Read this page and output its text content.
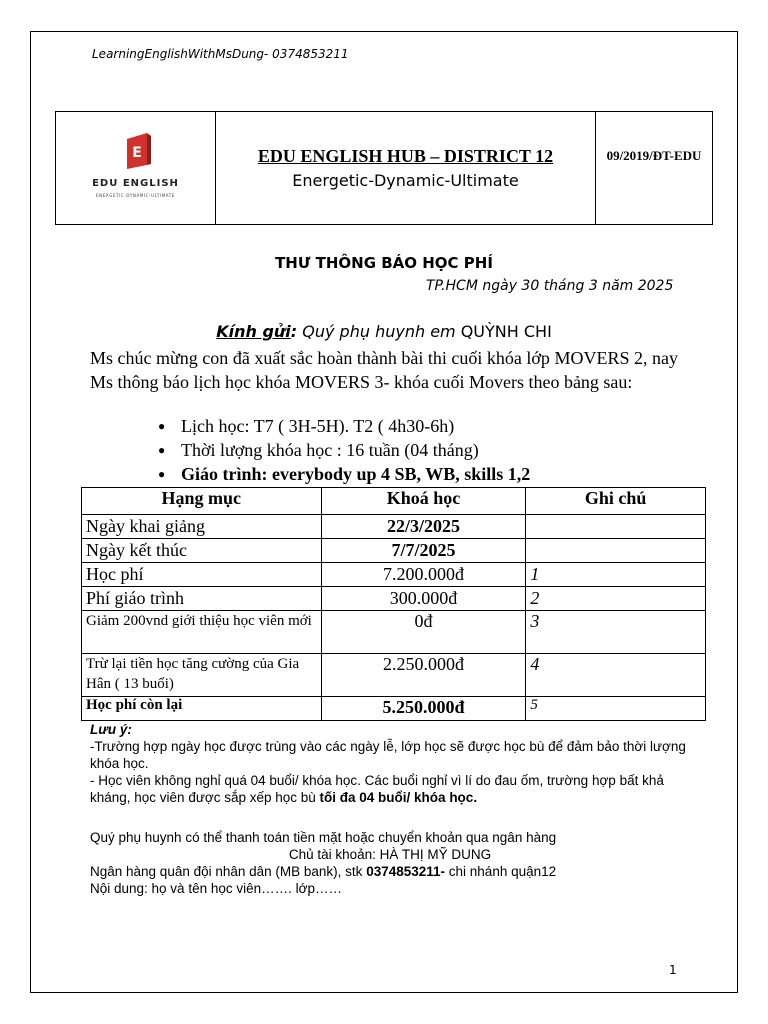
LearningEnglishWithMsDung- 0374853211
E
EDU ENGLISH
ENERGETIC-DYNAMIC-ULTIMATE
EDU ENGLISH HUB – DISTRICT 12
Energetic-Dynamic-Ultimate
09/2019/ĐT-EDU
THƯ THÔNG BÁO HỌC PHÍ
TP.HCM ngày 30 tháng 3 năm 2025
Kính gửi: Quý phụ huynh em QUỲNH CHI
Ms chúc mừng con đã xuất sắc hoàn thành bài thi cuối khóa lớp MOVERS 2, nay Ms thông báo lịch học khóa MOVERS 3- khóa cuối Movers theo bảng sau:
● Lịch học: T7 ( 3H-5H). T2 ( 4h30-6h)
● Thời lượng khóa học : 16 tuần (04 tháng)
● Giáo trình: everybody up 4 SB, WB, skills 1,2
Hạng mục	Khoá học	Ghi chú
Ngày khai giảng	22/3/2025	
Ngày kết thúc	7/7/2025	
Học phí	7.200.000đ	1
Phí giáo trình	300.000đ	2
Giảm 200vnd giới thiệu học viên mới	0đ	3
Trừ lại tiền học tăng cường của Gia Hân ( 13 buổi)	2.250.000đ	4
Học phí còn lại	5.250.000đ	5
Lưu ý:
-Trường hợp ngày học được trùng vào các ngày lễ, lớp học sẽ được học bù để đảm bảo thời lượng khóa học.
- Học viên không nghỉ quá 04 buổi/ khóa học. Các buổi nghỉ vì lí do đau ốm, trường hợp bất khả kháng, học viên được sắp xếp học bù tối đa 04 buổi/ khóa học.
Quý phụ huynh có thể thanh toán tiền mặt hoặc chuyển khoản qua ngân hàng
Chủ tài khoản: HÀ THỊ MỸ DUNG
Ngân hàng quân đội nhân dân (MB bank), stk 0374853211- chi nhánh quận12
Nội dung: họ và tên học viên……. lớp……
1
